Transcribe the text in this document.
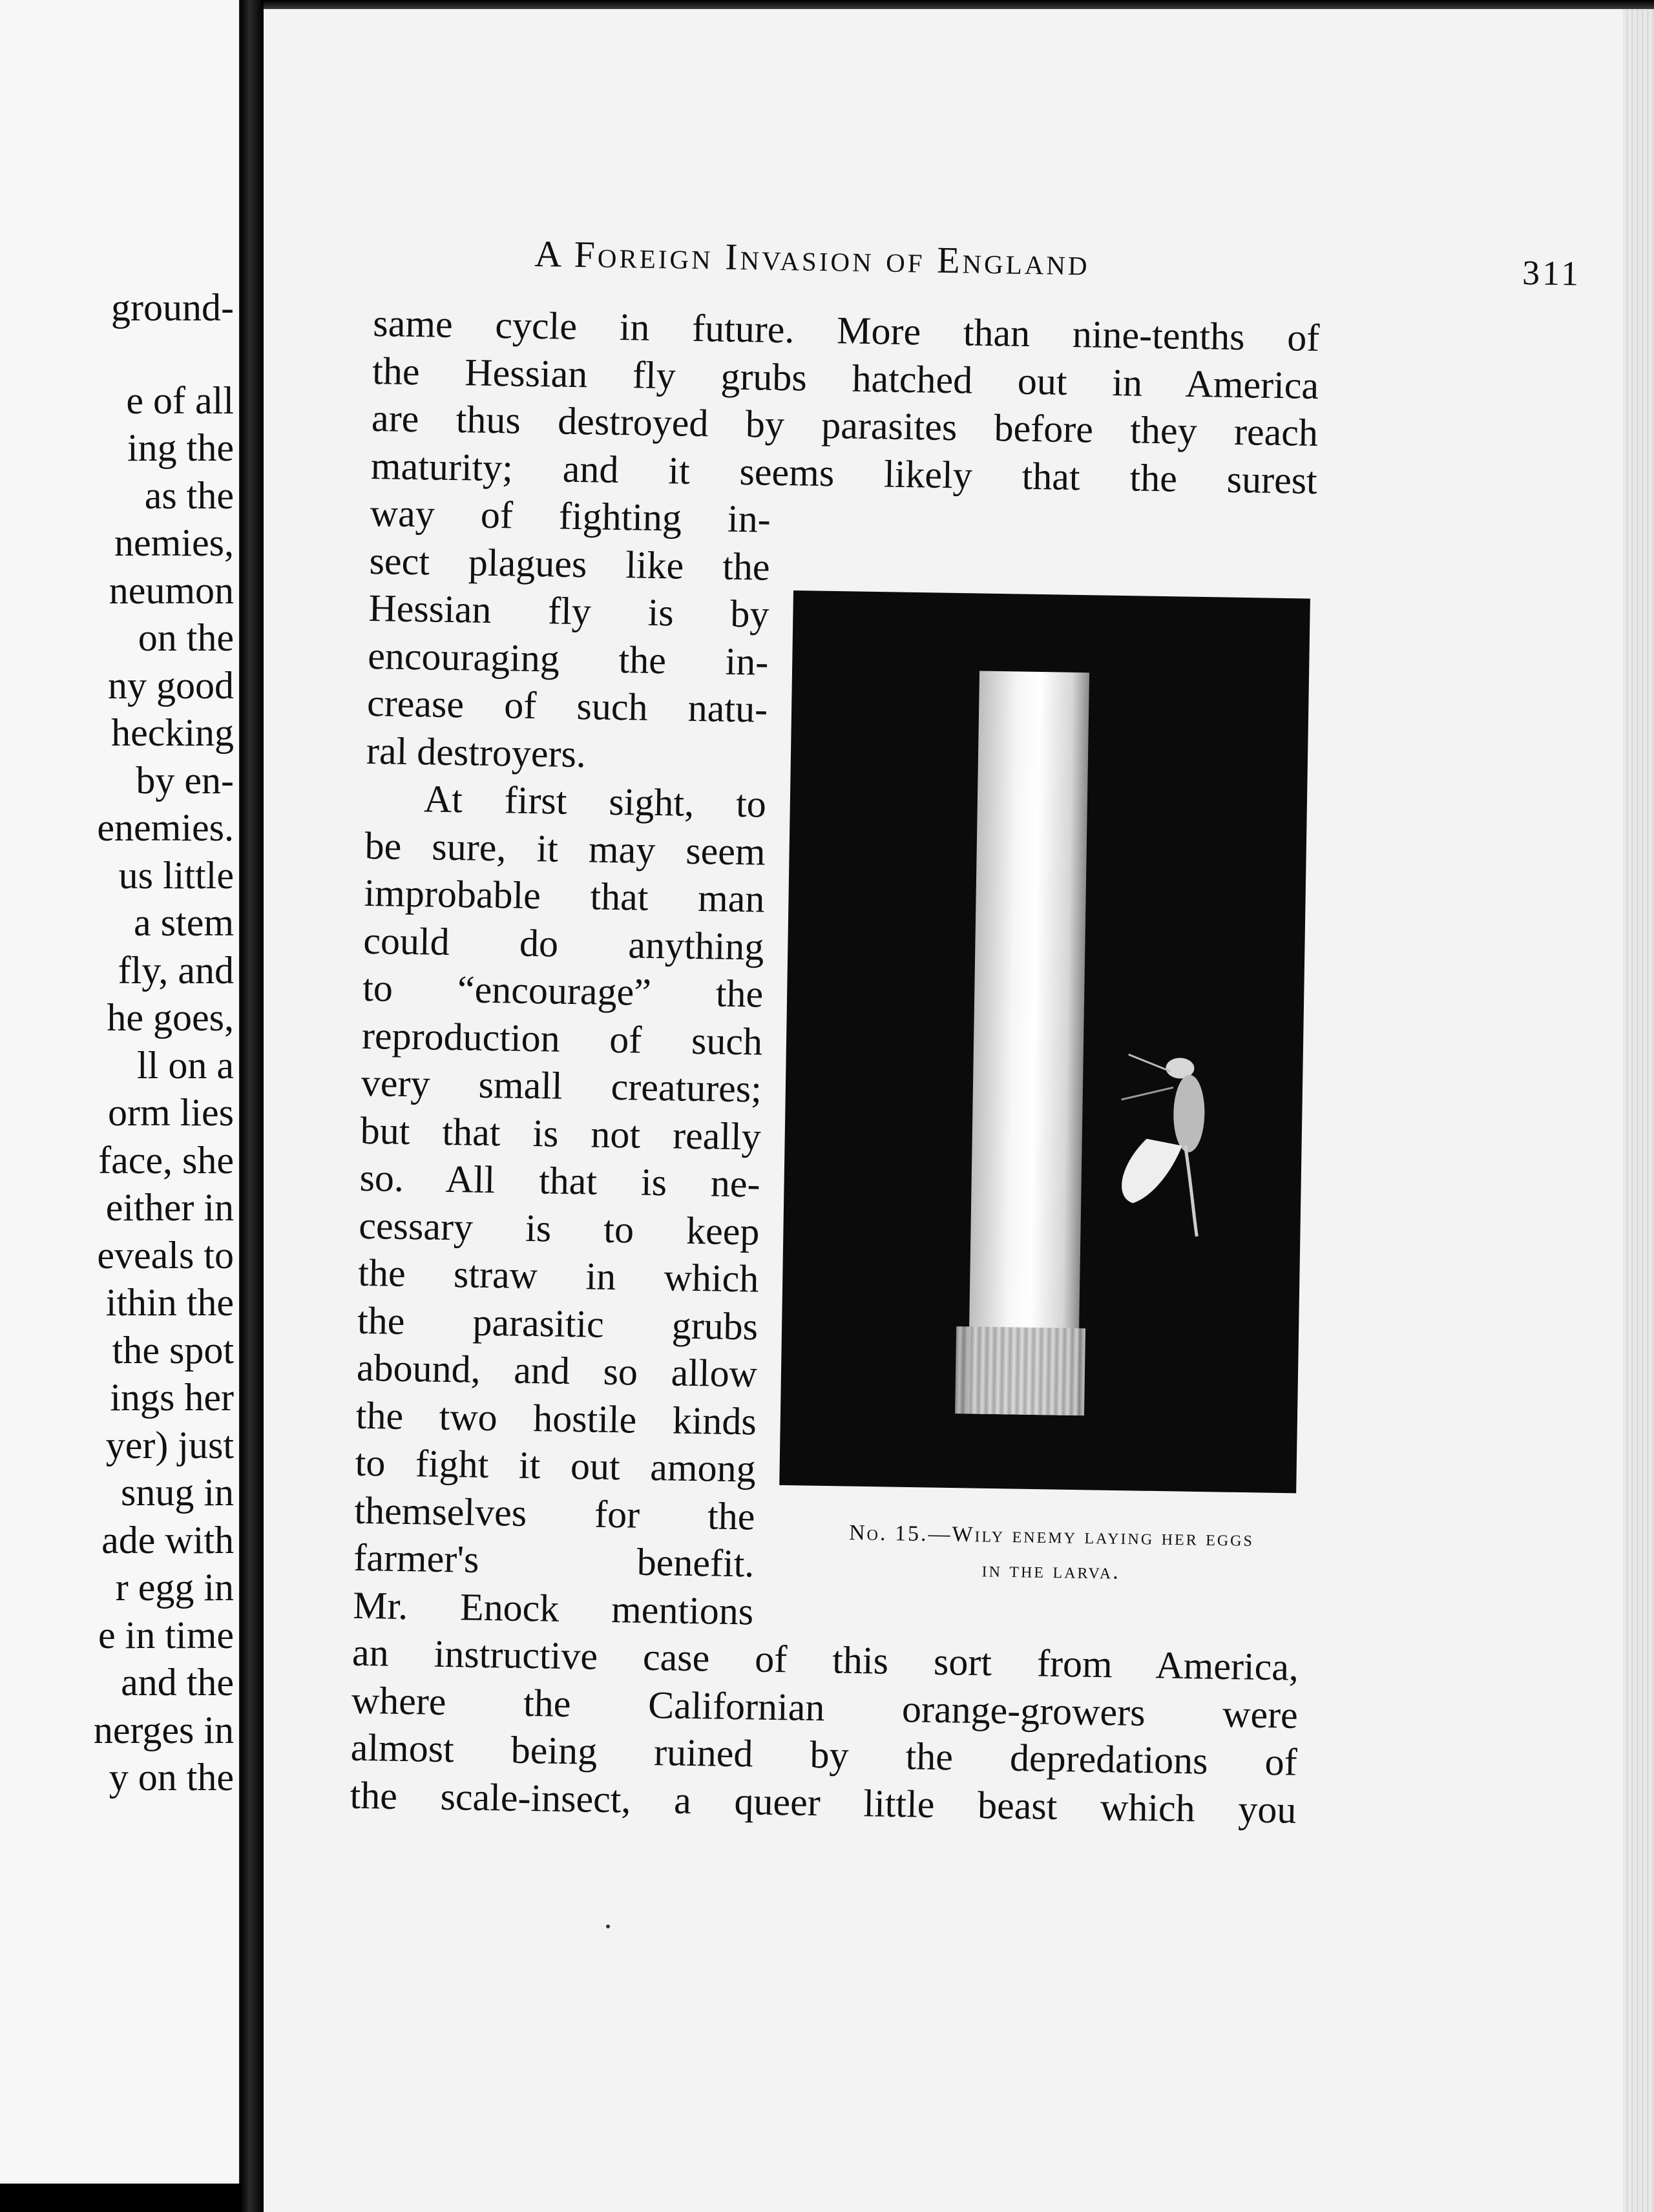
ground-
e of all
ing the
as the
nemies,
neumon
on the
ny good
hecking
by en-
enemies.
us little
a stem
fly, and
he goes,
ll on a
orm lies
face, she
either in
eveals to
ithin the
the spot
ings her
yer) just
snug in
ade with
r egg in
e in time
and the
nerges in
y on the
A Foreign Invasion of England	311

same cycle in future. More than nine-tenths of

the Hessian fly grubs hatched out in America

are thus destroyed by parasites before they reach

maturity; and it seems likely that the surest

way of fighting in-

sect plagues like the

Hessian fly is by

encouraging the in-

crease of such natu-

ral destroyers.

At first sight, to

be sure, it may seem

improbable that man

could do anything

to “encourage” the

reproduction of such

very small creatures;

but that is not really

so. All that is ne-

cessary is to keep

the straw in which

the parasitic grubs

abound, and so allow

the two hostile kinds

to fight it out among

themselves for the

farmer's benefit.

Mr. Enock mentions

an instructive case of this sort from America,

where the Californian orange-growers were

almost being ruined by the depredations of

the scale-insect, a queer little beast which you

No. 15.—Wily enemy laying her eggs
in the larva.
